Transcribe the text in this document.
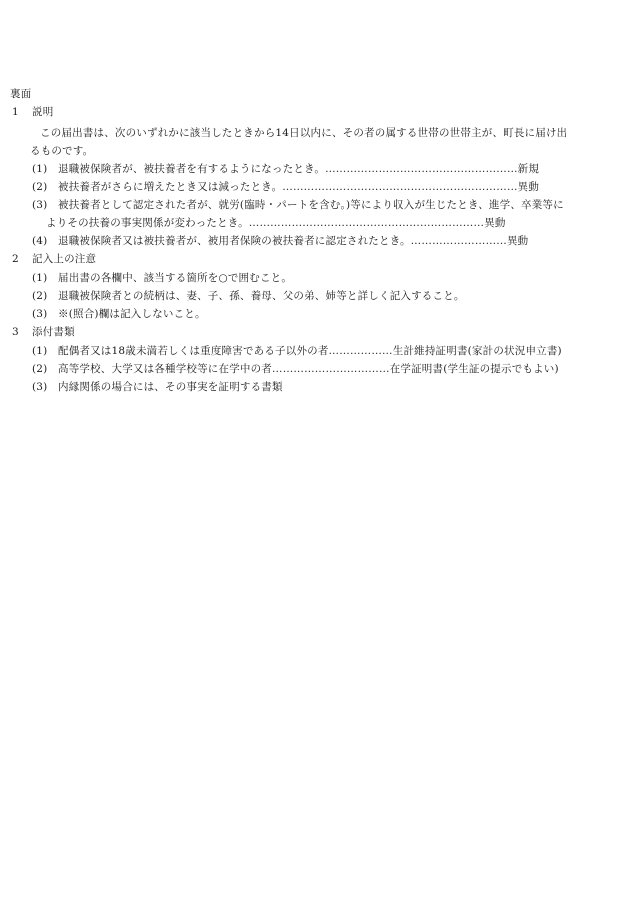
裏面
1 説明
この届出書は、次のいずれかに該当したときから14日以内に、その者の属する世帯の世帯主が、町長に届け出
るものです。
(1) 退職被保険者が、被扶養者を有するようになったとき。………………………………………………新規
(2) 被扶養者がさらに増えたとき又は減ったとき。…………………………………………………………異動
(3) 被扶養者として認定された者が、就労(臨時・パートを含む。)等により収入が生じたとき、進学、卒業等に
よりその扶養の事実関係が変わったとき。…………………………………………………………異動
(4) 退職被保険者又は被扶養者が、被用者保険の被扶養者に認定されたとき。………………………異動
2 記入上の注意
(1) 届出書の各欄中、該当する箇所を○で囲むこと。
(2) 退職被保険者との続柄は、妻、子、孫、養母、父の弟、姉等と詳しく記入すること。
(3) ※(照合)欄は記入しないこと。
3 添付書類
(1) 配偶者又は18歳未満若しくは重度障害である子以外の者………………生計維持証明書(家計の状況申立書)
(2) 高等学校、大学又は各種学校等に在学中の者……………………………在学証明書(学生証の提示でもよい)
(3) 内縁関係の場合には、その事実を証明する書類
